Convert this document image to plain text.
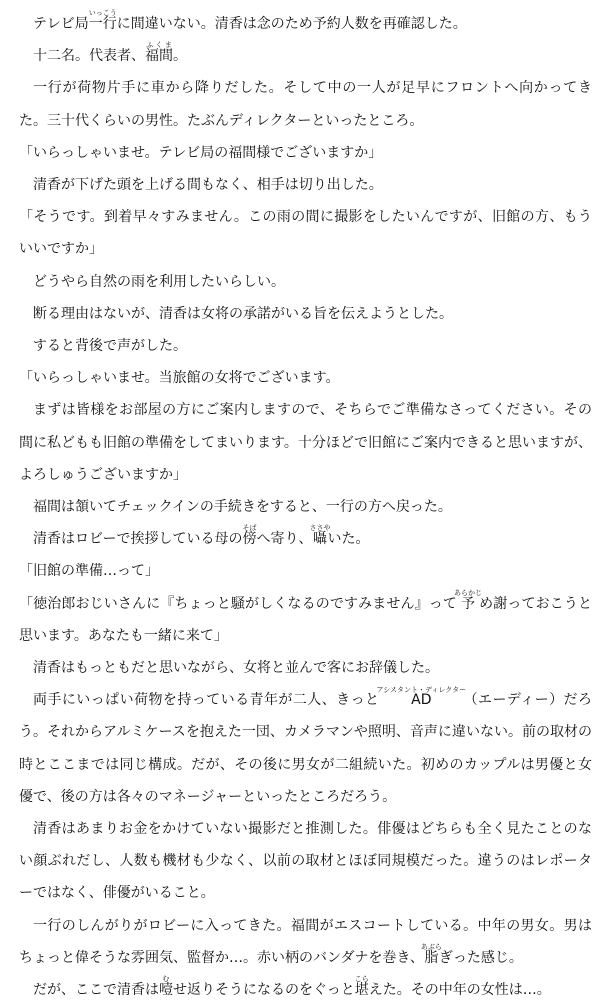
テレビ局一行いっこうに間違いない。清香は念のため予約人数を再確認した。

十二名。代表者、福間ふくま。

一行が荷物片手に車から降りだした。そして中の一人が足早にフロントへ向かってきた。三十代くらいの男性。たぶんディレクターといったところ。

「いらっしゃいませ。テレビ局の福間様でございますか」

清香が下げた頭を上げる間もなく、相手は切り出した。

「そうです。到着早々すみません。この雨の間に撮影をしたいんですが、旧館の方、もういいですか」

どうやら自然の雨を利用したいらしい。

断る理由はないが、清香は女将の承諾がいる旨を伝えようとした。

すると背後で声がした。

「いらっしゃいませ。当旅館の女将でございます。

まずは皆様をお部屋の方にご案内しますので、そちらでご準備なさってください。その間に私どもも旧館の準備をしてまいります。十分ほどで旧館にご案内できると思いますが、よろしゅうございますか」

福間は頷いてチェックインの手続きをすると、一行の方へ戻った。

清香はロビーで挨拶している母の傍そばへ寄り、囁ささやいた。

「旧館の準備…って」

「徳治郎おじいさんに『ちょっと騒がしくなるのですみません』って予あらかじめ謝っておこうと思います。あなたも一緒に来て」

清香はもっともだと思いながら、女将と並んで客にお辞儀した。

両手にいっぱい荷物を持っている青年が二人、きっとADアシスタント・ディレクター（エーディー）だろう。それからアルミケースを抱えた一団、カメラマンや照明、音声に違いない。前の取材の時とここまでは同じ構成。だが、その後に男女が二組続いた。初めのカップルは男優と女優で、後の方は各々のマネージャーといったところだろう。

清香はあまりお金をかけていない撮影だと推測した。俳優はどちらも全く見たことのない顔ぶれだし、人数も機材も少なく、以前の取材とほぼ同規模だった。違うのはレポーターではなく、俳優がいること。

一行のしんがりがロビーに入ってきた。福間がエスコートしている。中年の男女。男はちょっと偉そうな雰囲気、監督か…。赤い柄のバンダナを巻き、脂あぶらぎった感じ。

だが、ここで清香は噎むせ返りそうになるのをぐっと堪こらえた。その中年の女性は…。
